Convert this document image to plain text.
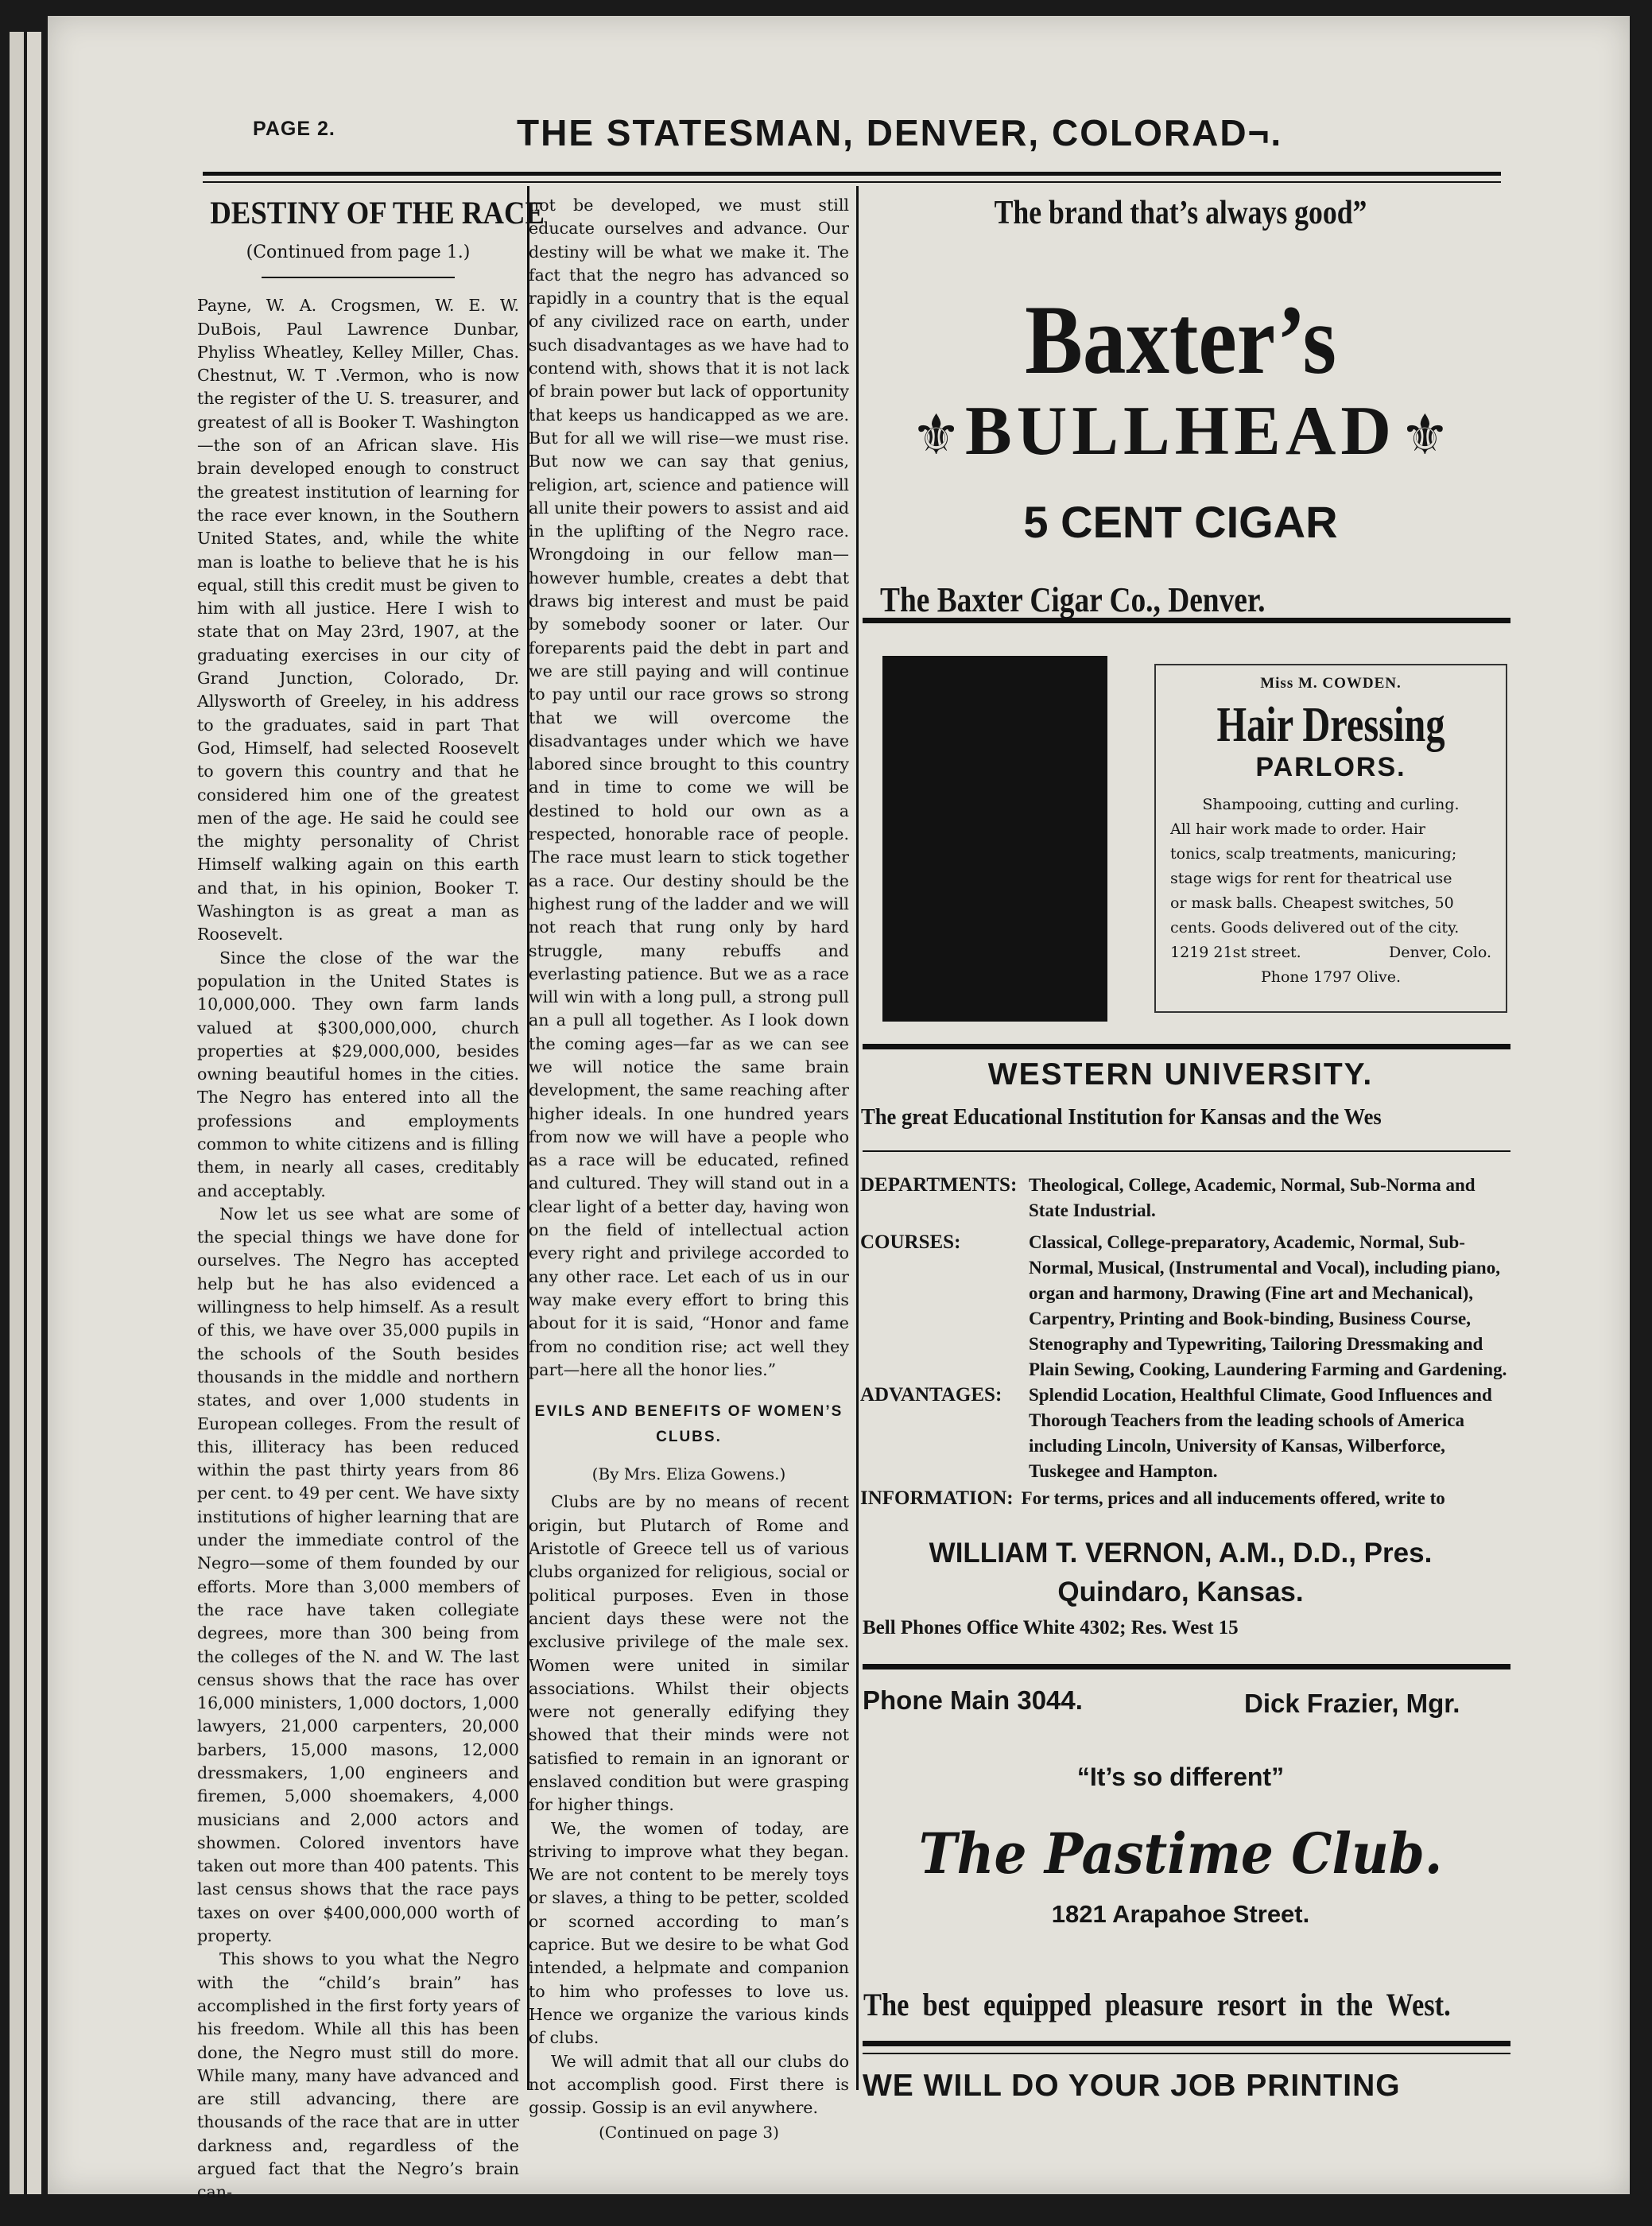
PAGE 2.	THE STATESMAN, DENVER, COLORAD¬.
DESTINY OF THE RACE
(Continued from page 1.)

Payne, W. A. Crogsmen, W. E. W. DuBois, Paul Lawrence Dunbar, Phyliss Wheatley, Kelley Miller, Chas. Chestnut, W. T .Vermon, who is now the register of the U. S. treasurer, and greatest of all is Booker T. Washington—the son of an African slave. His brain developed enough to construct the greatest institution of learning for the race ever known, in the Southern United States, and, while the white man is loathe to believe that he is his equal, still this credit must be given to him with all justice. Here I wish to state that on May 23rd, 1907, at the graduating exercises in our city of Grand Junction, Colorado, Dr. Allysworth of Greeley, in his address to the graduates, said in part That God, Himself, had selected Roosevelt to govern this country and that he considered him one of the greatest men of the age. He said he could see the mighty personality of Christ Himself walking again on this earth and that, in his opinion, Booker T. Washington is as great a man as Roosevelt.

Since the close of the war the population in the United States is 10,000,000. They own farm lands valued at $300,000,000, church properties at $29,000,000, besides owning beautiful homes in the cities. The Negro has entered into all the professions and employments common to white citizens and is filling them, in nearly all cases, creditably and acceptably.

Now let us see what are some of the special things we have done for ourselves. The Negro has accepted help but he has also evidenced a willingness to help himself. As a result of this, we have over 35,000 pupils in the schools of the South besides thousands in the middle and northern states, and over 1,000 students in European colleges. From the result of this, illiteracy has been reduced within the past thirty years from 86 per cent. to 49 per cent. We have sixty institutions of higher learning that are under the immediate control of the Negro—some of them founded by our efforts. More than 3,000 members of the race have taken collegiate degrees, more than 300 being from the colleges of the N. and W. The last census shows that the race has over 16,000 ministers, 1,000 doctors, 1,000 lawyers, 21,000 carpenters, 20,000 barbers, 15,000 masons, 12,000 dressmakers, 1,00 engineers and firemen, 5,000 shoemakers, 4,000 musicians and 2,000 actors and showmen. Colored inventors have taken out more than 400 patents. This last census shows that the race pays taxes on over $400,000,000 worth of property.

This shows to you what the Negro with the “child’s brain” has accomplished in the first forty years of his freedom. While all this has been done, the Negro must still do more. While many, many have advanced and are still advancing, there are thousands of the race that are in utter darkness and, regardless of the argued fact that the Negro’s brain can-

not be developed, we must still educate ourselves and advance. Our destiny will be what we make it. The fact that the negro has advanced so rapidly in a country that is the equal of any civilized race on earth, under such disadvantages as we have had to contend with, shows that it is not lack of brain power but lack of opportunity that keeps us handicapped as we are. But for all we will rise—we must rise. But now we can say that genius, religion, art, science and patience will all unite their powers to assist and aid in the uplifting of the Negro race. Wrongdoing in our fellow man—however humble, creates a debt that draws big interest and must be paid by somebody sooner or later. Our foreparents paid the debt in part and we are still paying and will continue to pay until our race grows so strong that we will overcome the disadvantages under which we have labored since brought to this country and in time to come we will be destined to hold our own as a respected, honorable race of people. The race must learn to stick together as a race. Our destiny should be the highest rung of the ladder and we will not reach that rung only by hard struggle, many rebuffs and everlasting patience. But we as a race will win with a long pull, a strong pull an a pull all together. As I look down the coming ages—far as we can see we will notice the same brain development, the same reaching after higher ideals. In one hundred years from now we will have a people who as a race will be educated, refined and cultured. They will stand out in a clear light of a better day, having won on the field of intellectual action every right and privilege accorded to any other race. Let each of us in our way make every effort to bring this about for it is said, “Honor and fame from no condition rise; act well they part—here all the honor lies.”

EVILS AND BENEFITS OF WOMEN’S CLUBS.
(By Mrs. Eliza Gowens.)

Clubs are by no means of recent origin, but Plutarch of Rome and Aristotle of Greece tell us of various clubs organized for religious, social or political purposes. Even in those ancient days these were not the exclusive privilege of the male sex. Women were united in similar associations. Whilst their objects were not generally edifying they showed that their minds were not satisfied to remain in an ignorant or enslaved condition but were grasping for higher things.

We, the women of today, are striving to improve what they began. We are not content to be merely toys or slaves, a thing to be petter, scolded or scorned according to man’s caprice. But we desire to be what God intended, a helpmate and companion to him who professes to love us. Hence we organize the various kinds of clubs.

We will admit that all our clubs do not accomplish good. First there is gossip. Gossip is an evil anywhere.

(Continued on page 3)
The brand that’s always good”
Baxter’s
⚜ BULLHEAD ⚜
5 CENT CIGAR
The Baxter Cigar Co., Denver.
Miss M. COWDEN.
Hair Dressing
PARLORS.
Shampooing, cutting and curling.
All hair work made to order. Hair
tonics, scalp treatments, manicuring;
stage wigs for rent for theatrical use
or mask balls. Cheapest switches, 50
cents. Goods delivered out of the city.
1219 21st street.	Denver, Colo.
Phone 1797 Olive.
WESTERN UNIVERSITY.
The great Educational Institution for Kansas and the Wes
DEPARTMENTS: Theological, College, Academic, Normal, Sub-Norma and State Industrial.
COURSES:	Classical, College-preparatory, Academic, Normal, Sub-Normal, Musical, (Instrumental and Vocal), including piano, organ and harmony, Drawing (Fine art and Mechanical), Carpentry, Printing and Book-binding, Business Course, Stenography and Typewriting, Tailoring Dressmaking and Plain Sewing, Cooking, Laundering Farming and Gardening.
ADVANTAGES:	Splendid Location, Healthful Climate, Good Influences and Thorough Teachers from the leading schools of America including Lincoln, University of Kansas, Wilberforce, Tuskegee and Hampton.
INFORMATION: For terms, prices and all inducements offered, write to
WILLIAM T. VERNON, A.M., D.D., Pres.
Quindaro, Kansas.
Bell Phones Office White 4302; Res. West 15
Phone Main 3044.	Dick Frazier, Mgr.
“It’s so different”
The Pastime Club.
1821 Arapahoe Street.
The best equipped pleasure resort in the West.
WE WILL DO YOUR JOB PRINTING
